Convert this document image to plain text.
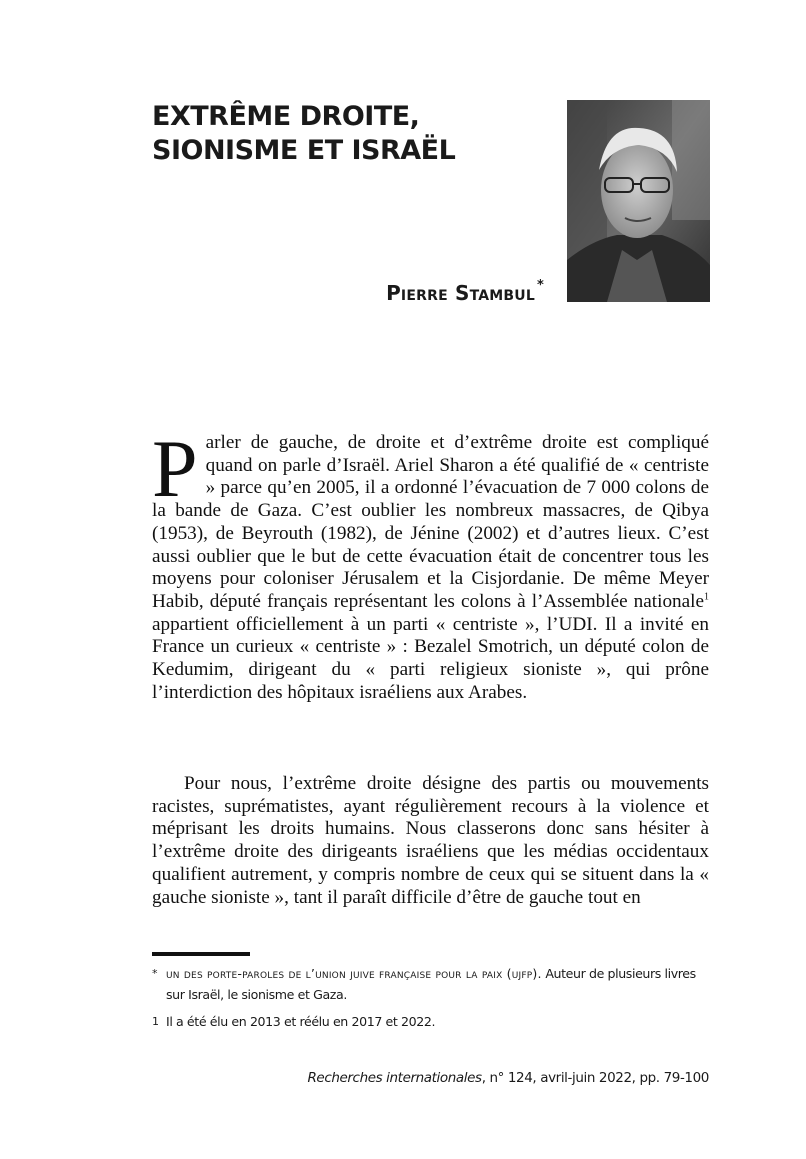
EXTRÊME DROITE,
SIONISME ET ISRAËL
Pierre Stambul *

Parler de gauche, de droite et d’extrême droite est compliqué quand on parle d’Israël. Ariel Sharon a été qualifié de « centriste » parce qu’en 2005, il a ordonné l’évacuation de 7 000 colons de la bande de Gaza. C’est oublier les nombreux massacres, de Qibya (1953), de Beyrouth (1982), de Jénine (2002) et d’autres lieux. C’est aussi oublier que le but de cette évacuation était de concentrer tous les moyens pour coloniser Jérusalem et la Cisjordanie. De même Meyer Habib, député français représentant les colons à l’Assemblée nationale$^1$ appartient officiellement à un parti « centriste », l’UDI. Il a invité en France un curieux « centriste » : Bezalel Smotrich, un député colon de Kedumim, dirigeant du « parti religieux sioniste », qui prône l’interdiction des hôpitaux israéliens aux Arabes.

Pour nous, l’extrême droite désigne des partis ou mouvements racistes, suprématistes, ayant régulièrement recours à la violence et méprisant les droits humains. Nous classerons donc sans hésiter à l’extrême droite des dirigeants israéliens que les médias occidentaux qualifient autrement, y compris nombre de ceux qui se situent dans la « gauche sioniste », tant il paraît difficile d’être de gauche tout en

* un des porte-paroles de l’union juive française pour la paix (ujfp). Auteur de plusieurs livres sur Israël, le sionisme et Gaza.
1 Il a été élu en 2013 et réélu en 2017 et 2022.
Recherches internationales, n° 124, avril-juin 2022, pp. 79-100
